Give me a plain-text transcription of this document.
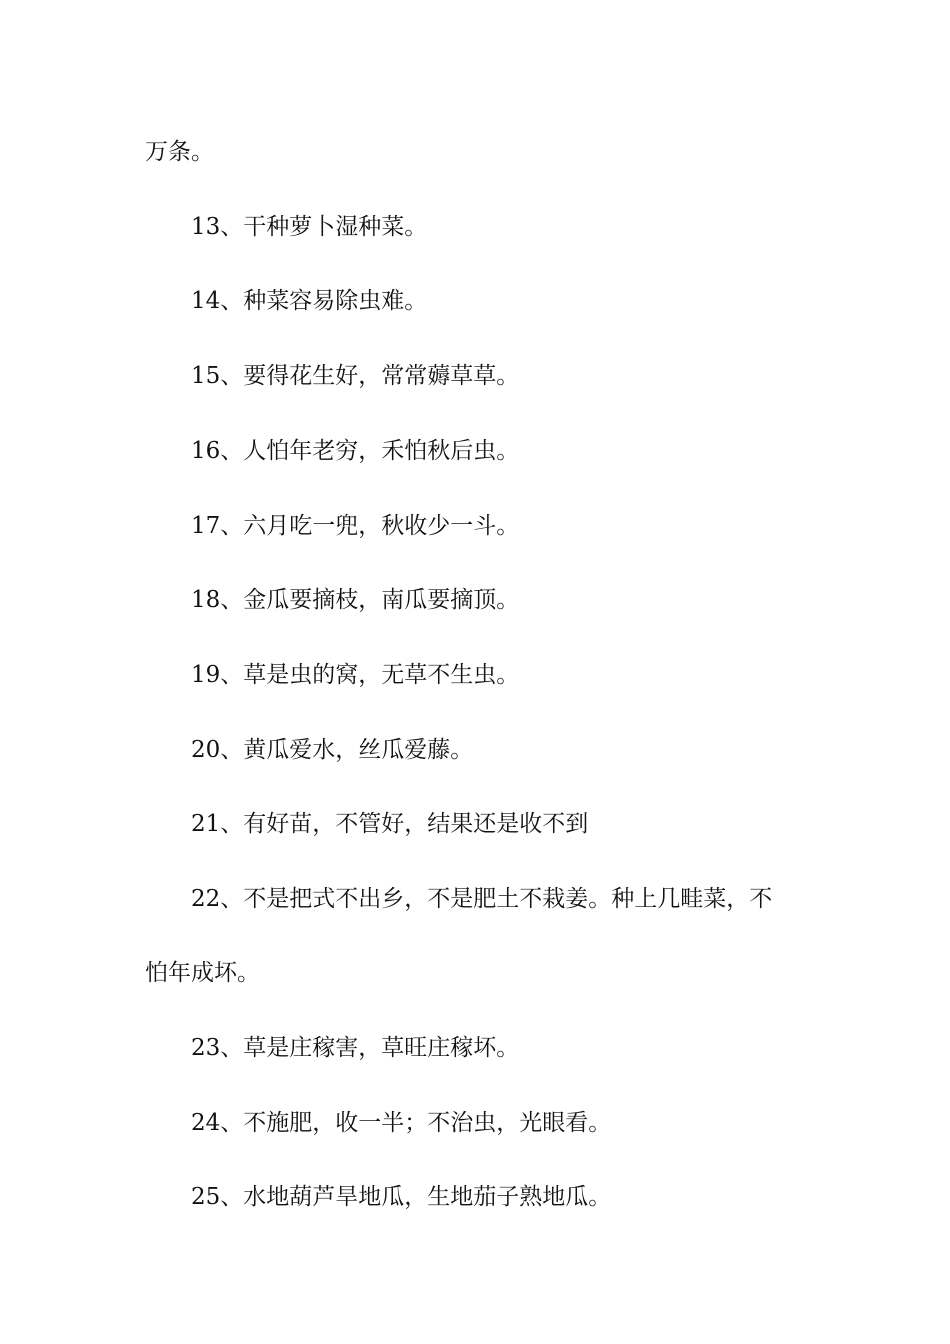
万条。
13、干种萝卜湿种菜。
14、种菜容易除虫难。
15、要得花生好，常常薅草草。
16、人怕年老穷，禾怕秋后虫。
17、六月吃一兜，秋收少一斗。
18、金瓜要摘枝，南瓜要摘顶。
19、草是虫的窝，无草不生虫。
20、黄瓜爱水，丝瓜爱藤。
21、有好苗，不管好，结果还是收不到
22、不是把式不出乡，不是肥土不栽姜。种上几畦菜，不
怕年成坏。
23、草是庄稼害，草旺庄稼坏。
24、不施肥，收一半；不治虫，光眼看。
25、水地葫芦旱地瓜，生地茄子熟地瓜。
